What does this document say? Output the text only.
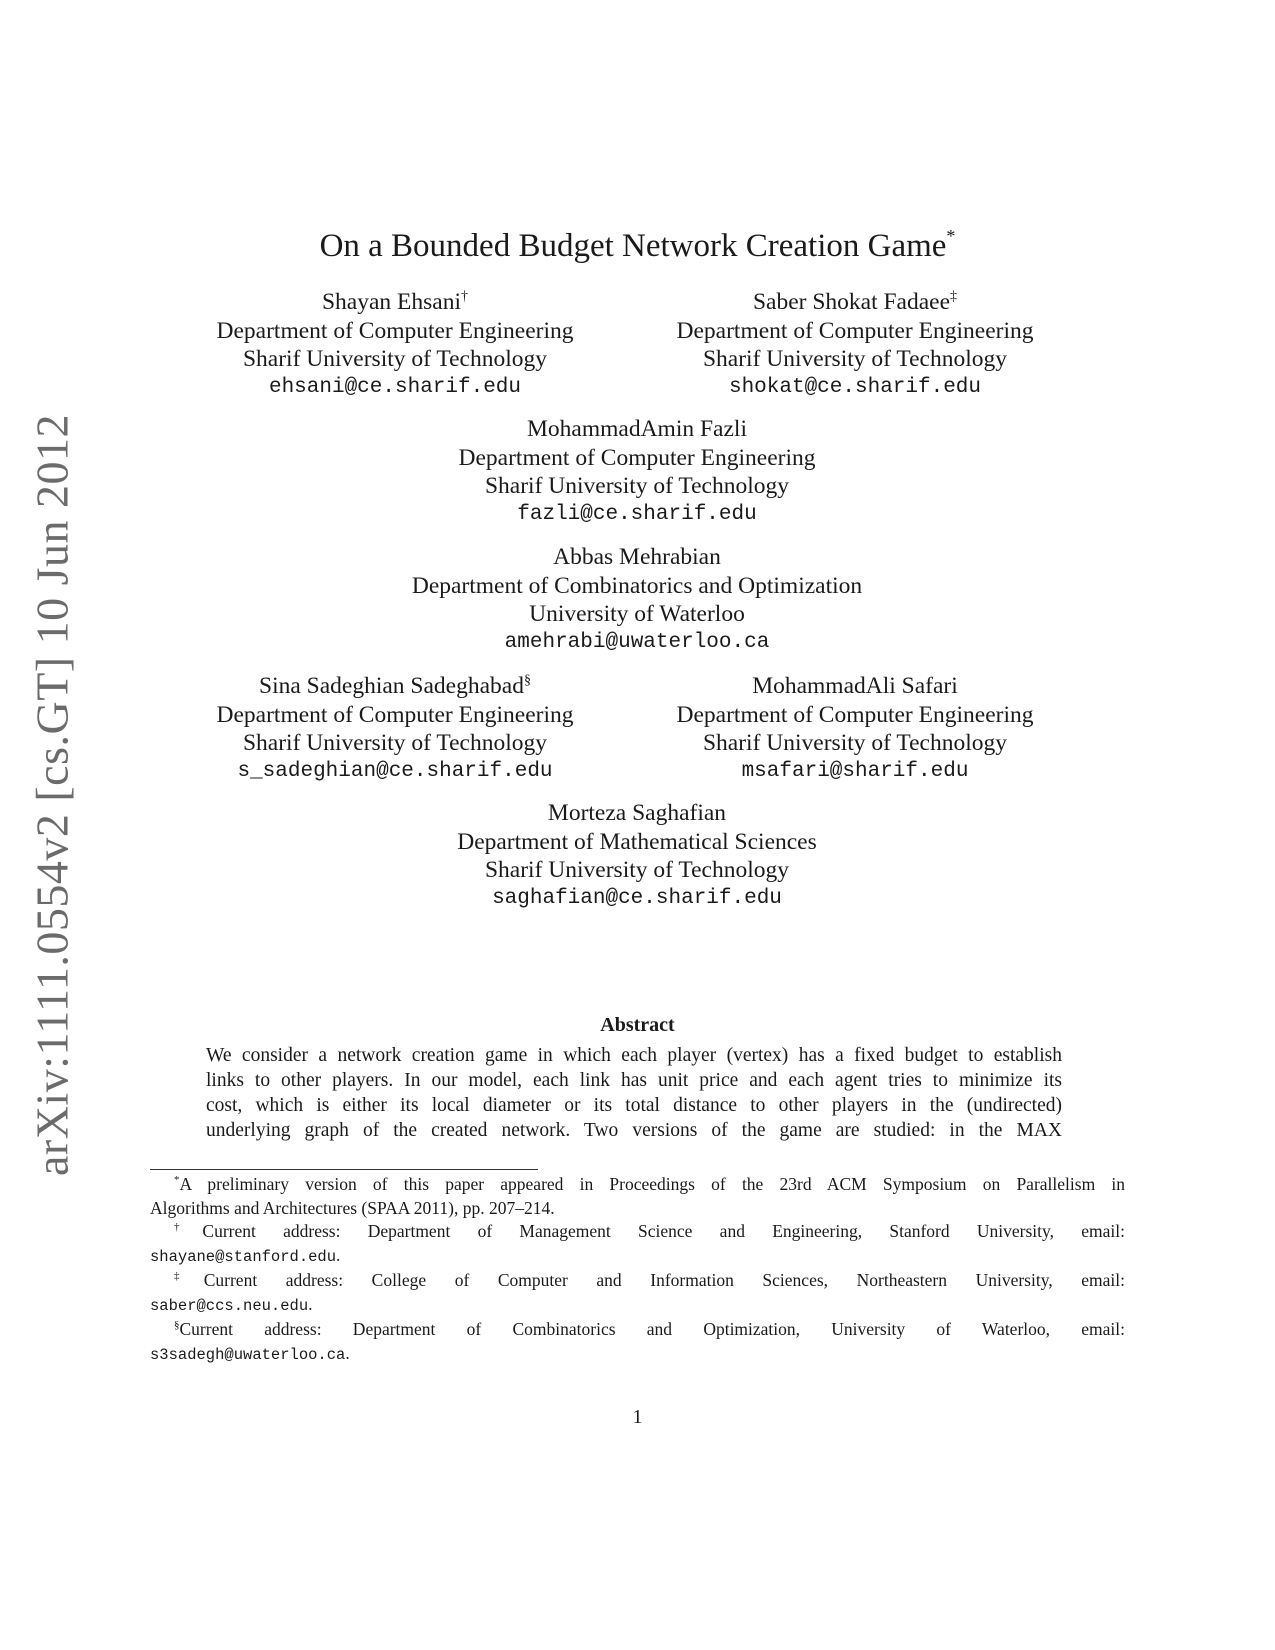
arXiv:1111.0554v2 [cs.GT] 10 Jun 2012
On a Bounded Budget Network Creation Game*
Shayan Ehsani†
Department of Computer Engineering
Sharif University of Technology
ehsani@ce.sharif.edu
Saber Shokat Fadaee‡
Department of Computer Engineering
Sharif University of Technology
shokat@ce.sharif.edu
MohammadAmin Fazli
Department of Computer Engineering
Sharif University of Technology
fazli@ce.sharif.edu
Abbas Mehrabian
Department of Combinatorics and Optimization
University of Waterloo
amehrabi@uwaterloo.ca
Sina Sadeghian Sadeghabad§
Department of Computer Engineering
Sharif University of Technology
s_sadeghian@ce.sharif.edu
MohammadAli Safari
Department of Computer Engineering
Sharif University of Technology
msafari@sharif.edu
Morteza Saghafian
Department of Mathematical Sciences
Sharif University of Technology
saghafian@ce.sharif.edu
Abstract
We consider a network creation game in which each player (vertex) has a fixed budget to establish
links to other players. In our model, each link has unit price and each agent tries to minimize its
cost, which is either its local diameter or its total distance to other players in the (undirected)
underlying graph of the created network. Two versions of the game are studied: in the MAX
*A preliminary version of this paper appeared in Proceedings of the 23rd ACM Symposium on Parallelism in
Algorithms and Architectures (SPAA 2011), pp. 207–214.
†Current address: Department of Management Science and Engineering, Stanford University, email:
shayane@stanford.edu.
‡Current address: College of Computer and Information Sciences, Northeastern University, email:
saber@ccs.neu.edu.
§Current address: Department of Combinatorics and Optimization, University of Waterloo, email:
s3sadegh@uwaterloo.ca.
1
